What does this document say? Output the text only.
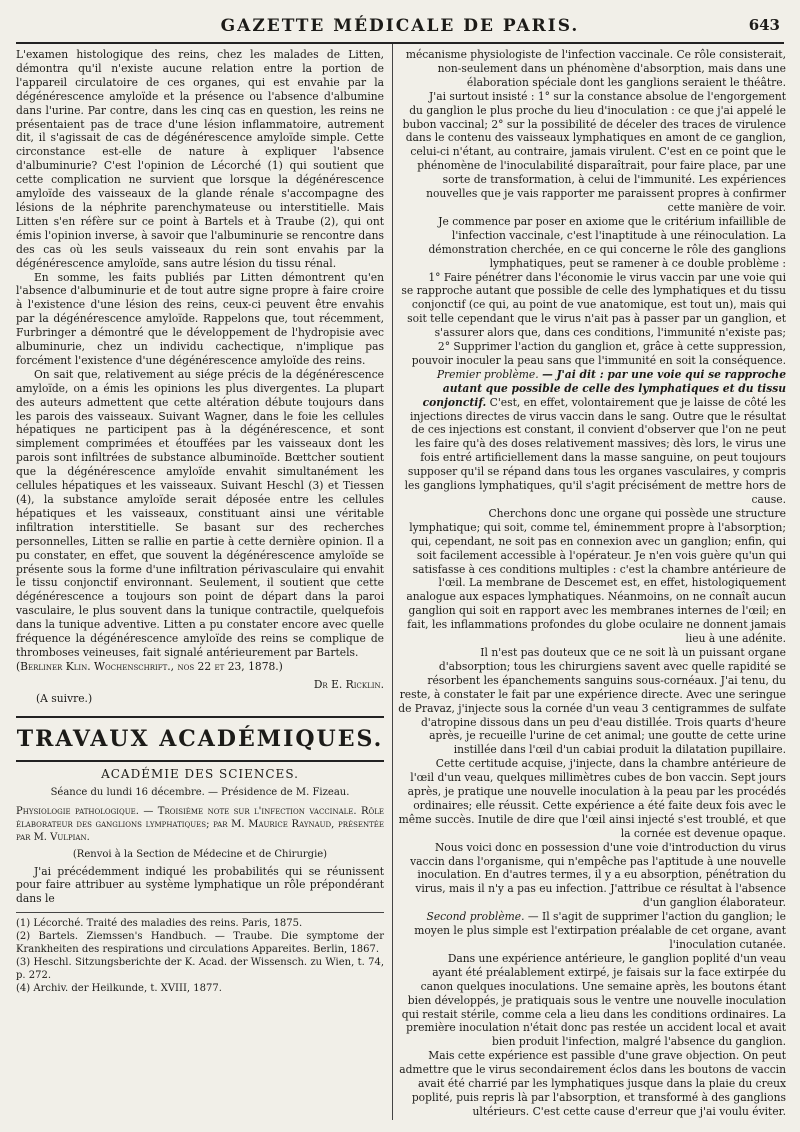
GAZETTE MÉDICALE DE PARIS.	643

L'examen histologique des reins, chez les malades de Litten, démontra qu'il n'existe aucune relation entre la portion de l'appareil circulatoire de ces organes, qui est envahie par la dégénérescence amyloïde et la présence ou l'absence d'albumine dans l'urine. Par contre, dans les cinq cas en question, les reins ne présentaient pas de trace d'une lésion inflammatoire, autrement dit, il s'agissait de cas de dégénérescence amyloïde simple. Cette circonstance est-elle de nature à expliquer l'absence d'albuminurie? C'est l'opinion de Lécorché (1) qui soutient que cette complication ne survient que lorsque la dégénérescence amyloïde des vaisseaux de la glande rénale s'accompagne des lésions de la néphrite parenchymateuse ou interstitielle. Mais Litten s'en réfère sur ce point à Bartels et à Traube (2), qui ont émis l'opinion inverse, à savoir que l'albuminurie se rencontre dans des cas où les seuls vaisseaux du rein sont envahis par la dégénérescence amyloïde, sans autre lésion du tissu rénal.

En somme, les faits publiés par Litten démontrent qu'en l'absence d'albuminurie et de tout autre signe propre à faire croire à l'existence d'une lésion des reins, ceux-ci peuvent être envahis par la dégénérescence amyloïde. Rappelons que, tout récemment, Furbringer a démontré que le développement de l'hydropisie avec albuminurie, chez un individu cachectique, n'implique pas forcément l'existence d'une dégénérescence amyloïde des reins.

On sait que, relativement au siége précis de la dégénérescence amyloïde, on a émis les opinions les plus divergentes. La plupart des auteurs admettent que cette altération débute toujours dans les parois des vaisseaux. Suivant Wagner, dans le foie les cellules hépatiques ne participent pas à la dégénérescence, et sont simplement comprimées et étouffées par les vaisseaux dont les parois sont infiltrées de substance albuminoïde. Bœttcher soutient que la dégénérescence amyloïde envahit simultanément les cellules hépatiques et les vaisseaux. Suivant Heschl (3) et Tiessen (4), la substance amyloïde serait déposée entre les cellules hépatiques et les vaisseaux, constituant ainsi une véritable infiltration interstitielle. Se basant sur des recherches personnelles, Litten se rallie en partie à cette dernière opinion. Il a pu constater, en effet, que souvent la dégénérescence amyloïde se présente sous la forme d'une infiltration périvasculaire qui envahit le tissu conjonctif environnant. Seulement, il soutient que cette dégénérescence a toujours son point de départ dans la paroi vasculaire, le plus souvent dans la tunique contractile, quelquefois dans la tunique adventive. Litten a pu constater encore avec quelle fréquence la dégénérescence amyloïde des reins se complique de thromboses veineuses, fait signalé antérieurement par Bartels.

(Berliner Klin. Wochenschrift., nos 22 et 23, 1878.)

Dr E. Ricklin.

(A suivre.)

TRAVAUX ACADÉMIQUES.

ACADÉMIE DES SCIENCES.

Séance du lundi 16 décembre. — Présidence de M. Fizeau.

Physiologie pathologique. — Troisième note sur l'infection vaccinale. Rôle élaborateur des ganglions lymphatiques; par M. Maurice Raynaud, présentée par M. Vulpian.

(Renvoi à la Section de Médecine et de Chirurgie)

J'ai précédemment indiqué les probabilités qui se réunissent pour faire attribuer au système lymphatique un rôle prépondérant dans le

(1) Lécorché. Traité des maladies des reins. Paris, 1875.

(2) Bartels. Ziemssen's Handbuch. — Traube. Die symptome der Krankheiten des respirations und circulations Appareites. Berlin, 1867.

(3) Heschl. Sitzungsberichte der K. Acad. der Wissensch. zu Wien, t. 74, p. 272.

(4) Archiv. der Heilkunde, t. XVIII, 1877.

mécanisme physiologiste de l'infection vaccinale. Ce rôle consisterait, non-seulement dans un phénomène d'absorption, mais dans une élaboration spéciale dont les ganglions seraient le théâtre.

J'ai surtout insisté : 1° sur la constance absolue de l'engorgement du ganglion le plus proche du lieu d'inoculation : ce que j'ai appelé le bubon vaccinal; 2° sur la possibilité de déceler des traces de virulence dans le contenu des vaisseaux lymphatiques en amont de ce ganglion, celui-ci n'étant, au contraire, jamais virulent. C'est en ce point que le phénomène de l'inoculabilité disparaîtrait, pour faire place, par une sorte de transformation, à celui de l'immunité. Les expériences nouvelles que je vais rapporter me paraissent propres à confirmer cette manière de voir.

Je commence par poser en axiome que le critérium infaillible de l'infection vaccinale, c'est l'inaptitude à une réinoculation. La démonstration cherchée, en ce qui concerne le rôle des ganglions lymphatiques, peut se ramener à ce double problème :

1° Faire pénétrer dans l'économie le virus vaccin par une voie qui se rapproche autant que possible de celle des lymphatiques et du tissu conjonctif (ce qui, au point de vue anatomique, est tout un), mais qui soit telle cependant que le virus n'ait pas à passer par un ganglion, et s'assurer alors que, dans ces conditions, l'immunité n'existe pas;

2° Supprimer l'action du ganglion et, grâce à cette suppression, pouvoir inoculer la peau sans que l'immunité en soit la conséquence.

Premier problème. — J'ai dit : par une voie qui se rapproche autant que possible de celle des lymphatiques et du tissu conjonctif. C'est, en effet, volontairement que je laisse de côté les injections directes de virus vaccin dans le sang. Outre que le résultat de ces injections est constant, il convient d'observer que l'on ne peut les faire qu'à des doses relativement massives; dès lors, le virus une fois entré artificiellement dans la masse sanguine, on peut toujours supposer qu'il se répand dans tous les organes vasculaires, y compris les ganglions lymphatiques, qu'il s'agit précisément de mettre hors de cause.

Cherchons donc une organe qui possède une structure lymphatique; qui soit, comme tel, éminemment propre à l'absorption; qui, cependant, ne soit pas en connexion avec un ganglion; enfin, qui soit facilement accessible à l'opérateur. Je n'en vois guère qu'un qui satisfasse à ces conditions multiples : c'est la chambre antérieure de l'œil. La membrane de Descemet est, en effet, histologiquement analogue aux espaces lymphatiques. Néanmoins, on ne connaît aucun ganglion qui soit en rapport avec les membranes internes de l'œil; en fait, les inflammations profondes du globe oculaire ne donnent jamais lieu à une adénite.

Il n'est pas douteux que ce ne soit là un puissant organe d'absorption; tous les chirurgiens savent avec quelle rapidité se résorbent les épanchements sanguins sous-cornéaux. J'ai tenu, du reste, à constater le fait par une expérience directe. Avec une seringue de Pravaz, j'injecte sous la cornée d'un veau 3 centigrammes de sulfate d'atropine dissous dans un peu d'eau distillée. Trois quarts d'heure après, je recueille l'urine de cet animal; une goutte de cette urine instillée dans l'œil d'un cabiai produit la dilatation pupillaire.

Cette certitude acquise, j'injecte, dans la chambre antérieure de l'œil d'un veau, quelques millimètres cubes de bon vaccin. Sept jours après, je pratique une nouvelle inoculation à la peau par les procédés ordinaires; elle réussit. Cette expérience a été faite deux fois avec le même succès. Inutile de dire que l'œil ainsi injecté s'est troublé, et que la cornée est devenue opaque.

Nous voici donc en possession d'une voie d'introduction du virus vaccin dans l'organisme, qui n'empêche pas l'aptitude à une nouvelle inoculation. En d'autres termes, il y a eu absorption, pénétration du virus, mais il n'y a pas eu infection. J'attribue ce résultat à l'absence d'un ganglion élaborateur.

Second problème. — Il s'agit de supprimer l'action du ganglion; le moyen le plus simple est l'extirpation préalable de cet organe, avant l'inoculation cutanée.

Dans une expérience antérieure, le ganglion poplité d'un veau ayant été préalablement extirpé, je faisais sur la face extirpée du canon quelques inoculations. Une semaine après, les boutons étant bien développés, je pratiquais sous le ventre une nouvelle inoculation qui restait stérile, comme cela a lieu dans les conditions ordinaires. La première inoculation n'était donc pas restée un accident local et avait bien produit l'infection, malgré l'absence du ganglion.

Mais cette expérience est passible d'une grave objection. On peut admettre que le virus secondairement éclos dans les boutons de vaccin avait été charrié par les lymphatiques jusque dans la plaie du creux poplité, puis repris là par l'absorption, et transformé à des ganglions ultérieurs. C'est cette cause d'erreur que j'ai voulu éviter.
